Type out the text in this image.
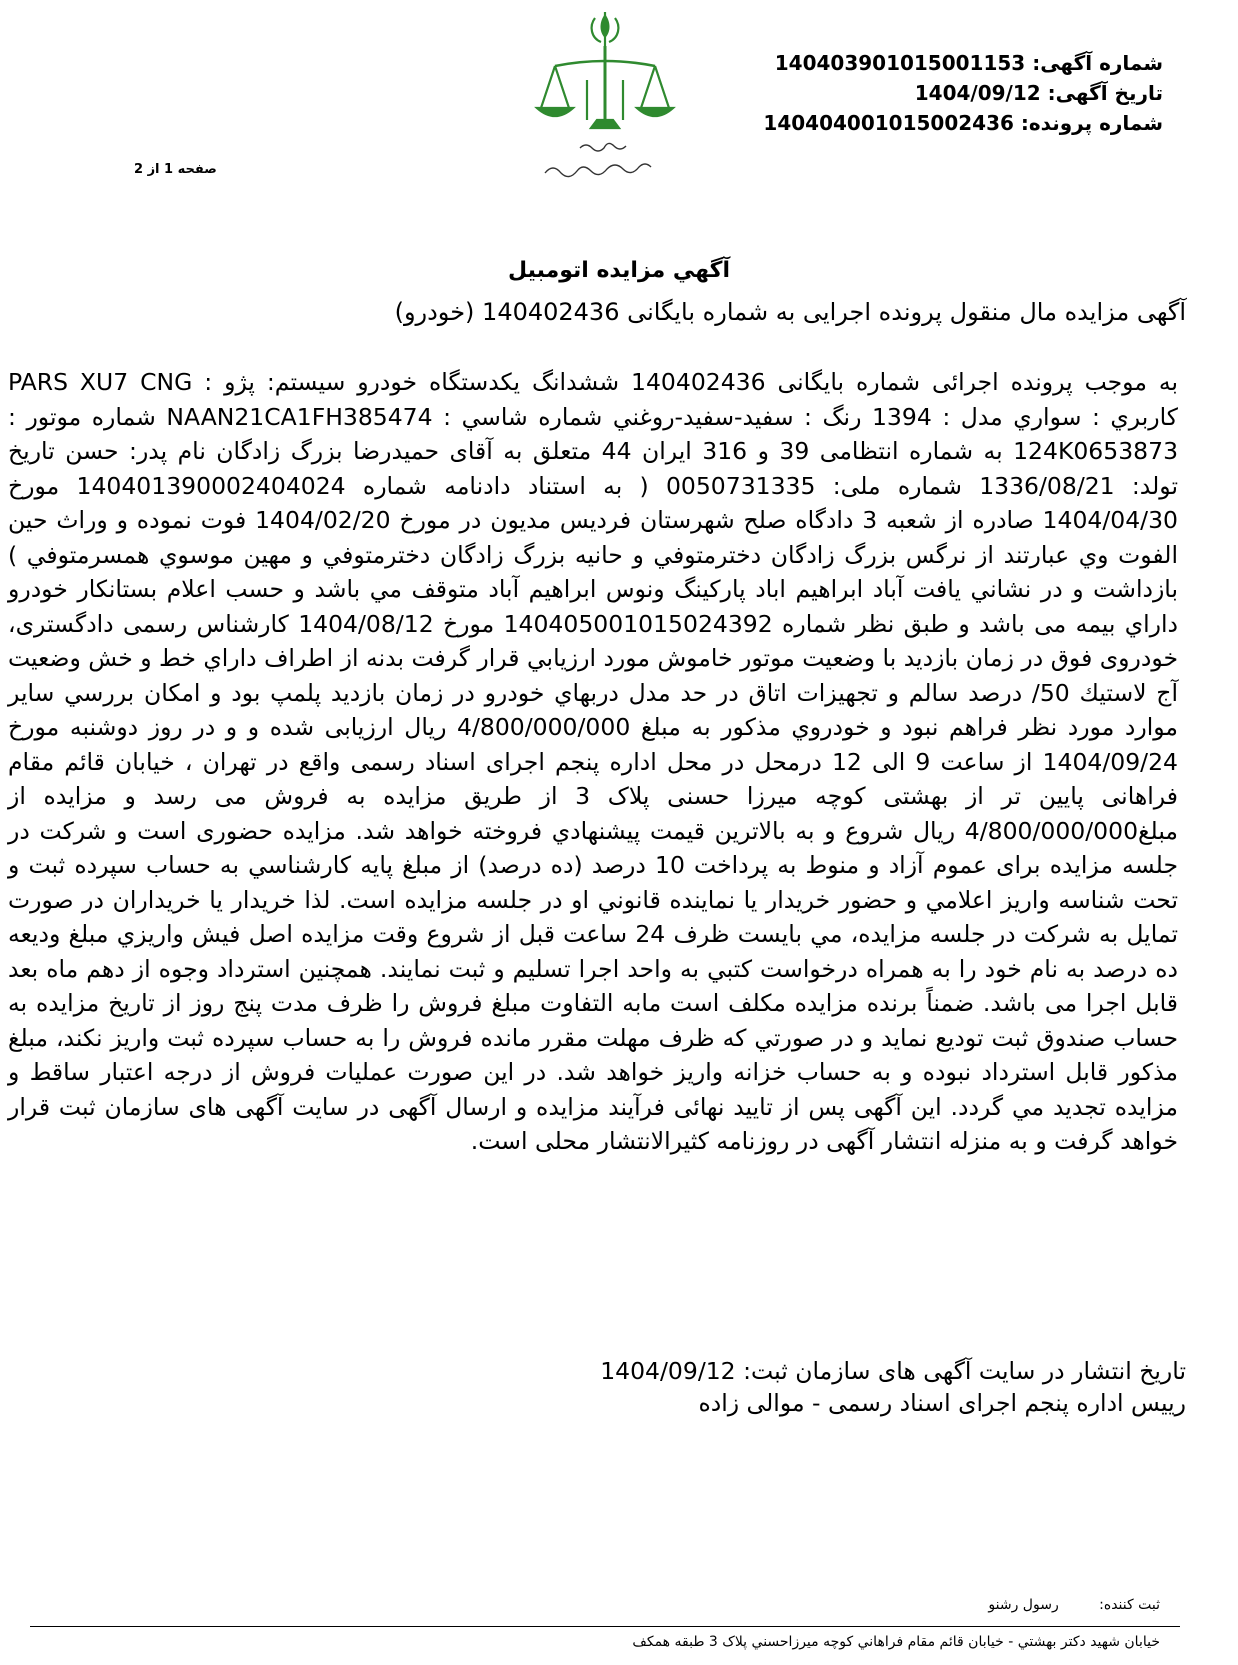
شماره آگهی: 140403901015001153
تاریخ آگهی: 1404/09/12
شماره پرونده: 140404001015002436
صفحه 1 از 2
آگهي مزايده اتومبيل
آگهی مزایده مال منقول پرونده اجرایی به شماره بایگانی 140402436 (خودرو)

به موجب پرونده اجرائی شماره بایگانی 140402436 ششدانگ یکدستگاه خودرو سیستم: پژو : PARS XU7 CNG کاربري : سواري مدل : 1394 رنگ : سفيد-سفيد-روغني شماره شاسي : NAAN21CA1FH385474 شماره موتور : 124K0653873 به شماره انتظامی 39 و 316 ایران 44 متعلق به آقای حمیدرضا بزرگ زادگان نام پدر: حسن تاریخ تولد: 1336/08/21 شماره ملی: 0050731335 ( به استناد دادنامه شماره 140401390002404024 مورخ 1404/04/30 صادره از شعبه 3 دادگاه صلح شهرستان فردیس مدیون در مورخ 1404/02/20 فوت نموده و وراث حين الفوت وي عبارتند از نرگس بزرگ زادگان دخترمتوفي و حانيه بزرگ زادگان دخترمتوفي و مهين موسوي همسرمتوفي ) بازداشت و در نشاني يافت آباد ابراهيم اباد پاركينگ ونوس ابراهيم آباد متوقف مي باشد و حسب اعلام بستانكار خودرو داراي بيمه می باشد و طبق نظر شماره 140405001015024392 مورخ 1404/08/12 كارشناس رسمی دادگستری، خودروی فوق در زمان بازديد با وضعيت موتور خاموش مورد ارزيابي قرار گرفت بدنه از اطراف داراي خط و خش وضعيت آج لاستيك 50/ درصد سالم و تجهيزات اتاق در حد مدل دربهاي خودرو در زمان بازديد پلمپ بود و امكان بررسي ساير موارد مورد نظر فراهم نبود و خودروي مذكور به مبلغ 4/800/000/000 ریال ارزیابی شده و و در روز دوشنبه مورخ 1404/09/24 از ساعت 9 الی 12 درمحل در محل اداره پنجم اجرای اسناد رسمی واقع در تهران ، خیابان قائم مقام فراهانی پایین تر از بهشتی کوچه میرزا حسنی پلاک 3 از طریق مزایده به فروش می رسد و مزایده از مبلغ4/800/000/000 ریال شروع و به بالاترین قیمت پیشنهادي فروخته خواهد شد. مزایده حضوری است و شرکت در جلسه مزایده برای عموم آزاد و منوط به پرداخت 10 درصد (ده درصد) از مبلغ پايه كارشناسي به حساب سپرده ثبت و تحت شناسه واريز اعلامي و حضور خريدار يا نماينده قانوني او در جلسه مزايده است. لذا خريدار يا خريداران در صورت تمايل به شركت در جلسه مزايده، مي بايست ظرف 24 ساعت قبل از شروع وقت مزايده اصل فيش واريزي مبلغ وديعه ده درصد به نام خود را به همراه درخواست كتبي به واحد اجرا تسليم و ثبت نمايند. همچنين استرداد وجوه از دهم ماه بعد قابل اجرا می باشد. ضمناً برنده مزایده مکلف است مابه التفاوت مبلغ فروش را ظرف مدت پنج روز از تاريخ مزايده به حساب صندوق ثبت توديع نمايد و در صورتي كه ظرف مهلت مقرر مانده فروش را به حساب سپرده ثبت واريز نكند، مبلغ مذكور قابل استرداد نبوده و به حساب خزانه واريز خواهد شد. در اين صورت عمليات فروش از درجه اعتبار ساقط و مزايده تجديد مي گردد. این آگهی پس از تایید نهائی فرآیند مزایده و ارسال آگهی در سایت آگهی های سازمان ثبت قرار خواهد گرفت و به منزله انتشار آگهی در روزنامه کثیرالانتشار محلی است.

تاریخ انتشار در سایت آگهی های سازمان ثبت: 1404/09/12
رییس اداره پنجم اجرای اسناد رسمی - موالی زاده
ثبت كننده: رسول رشنو
خيابان شهيد دكتر بهشتي - خيابان قائم مقام فراهاني كوچه ميرزاحسني پلاک 3 طبقه همكف
